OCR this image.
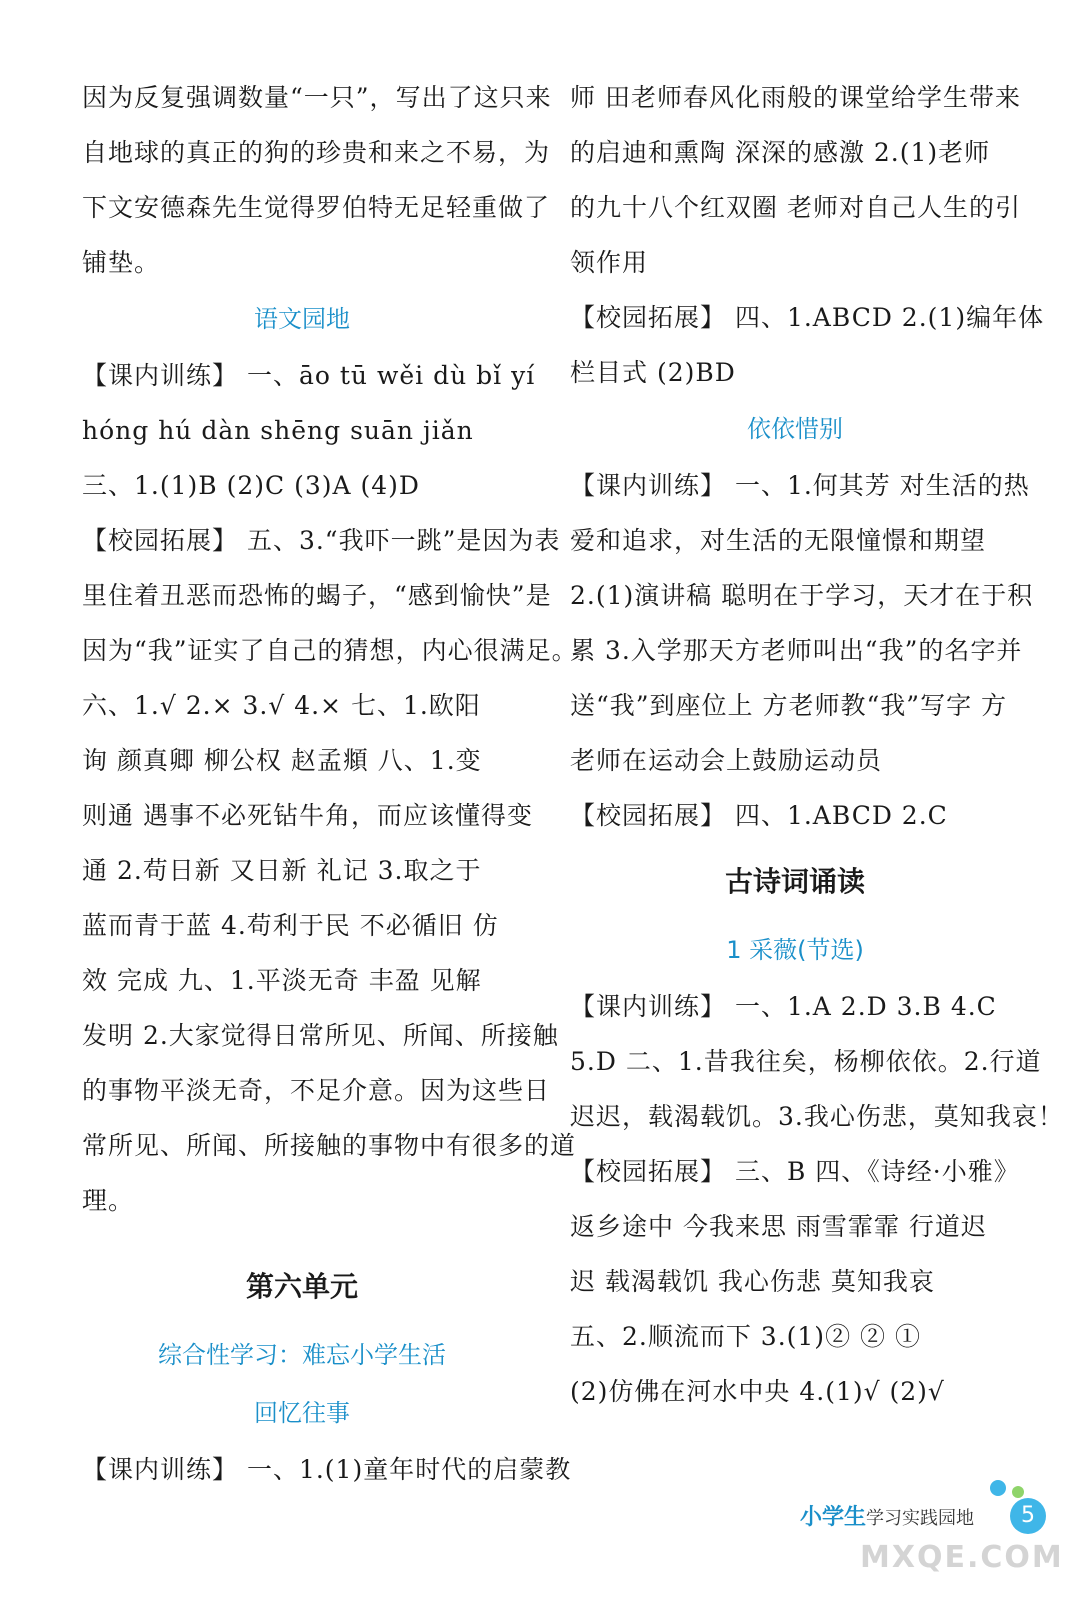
因为反复强调数量“一只”，写出了这只来
自地球的真正的狗的珍贵和来之不易，为
下文安德森先生觉得罗伯特无足轻重做了
铺垫。
语文园地
【课内训练】 一、āo tū wěi dù bǐ yí
hóng hú dàn shēng suān jiǎn
三、1.(1)B (2)C (3)A (4)D
【校园拓展】 五、3.“我吓一跳”是因为表
里住着丑恶而恐怖的蝎子，“感到愉快”是
因为“我”证实了自己的猜想，内心很满足。
六、1.√ 2.× 3.√ 4.× 七、1.欧阳
询 颜真卿 柳公权 赵孟頫 八、1.变
则通 遇事不必死钻牛角，而应该懂得变
通 2.苟日新 又日新 礼记 3.取之于
蓝而青于蓝 4.苟利于民 不必循旧 仿
效 完成 九、1.平淡无奇 丰盈 见解
发明 2.大家觉得日常所见、所闻、所接触
的事物平淡无奇，不足介意。因为这些日
常所见、所闻、所接触的事物中有很多的道
理。
第六单元
综合性学习：难忘小学生活
回忆往事
【课内训练】 一、1.(1)童年时代的启蒙教
师 田老师春风化雨般的课堂给学生带来
的启迪和熏陶 深深的感激 2.(1)老师
的九十八个红双圈 老师对自己人生的引
领作用
【校园拓展】 四、1.ABCD 2.(1)编年体
栏目式 (2)BD
依依惜别
【课内训练】 一、1.何其芳 对生活的热
爱和追求，对生活的无限憧憬和期望
2.(1)演讲稿 聪明在于学习，天才在于积
累 3.入学那天方老师叫出“我”的名字并
送“我”到座位上 方老师教“我”写字 方
老师在运动会上鼓励运动员
【校园拓展】 四、1.ABCD 2.C
古诗词诵读
1 采薇(节选)
【课内训练】 一、1.A 2.D 3.B 4.C
5.D 二、1.昔我往矣，杨柳依依。2.行道
迟迟，载渴载饥。3.我心伤悲，莫知我哀！
【校园拓展】 三、B 四、《诗经·小雅》
返乡途中 今我来思 雨雪霏霏 行道迟
迟 载渴载饥 我心伤悲 莫知我哀
五、2.顺流而下 3.(1)② ② ①
(2)仿佛在河水中央 4.(1)√ (2)√
小学生学习实践园地	5
MXQE.COM
